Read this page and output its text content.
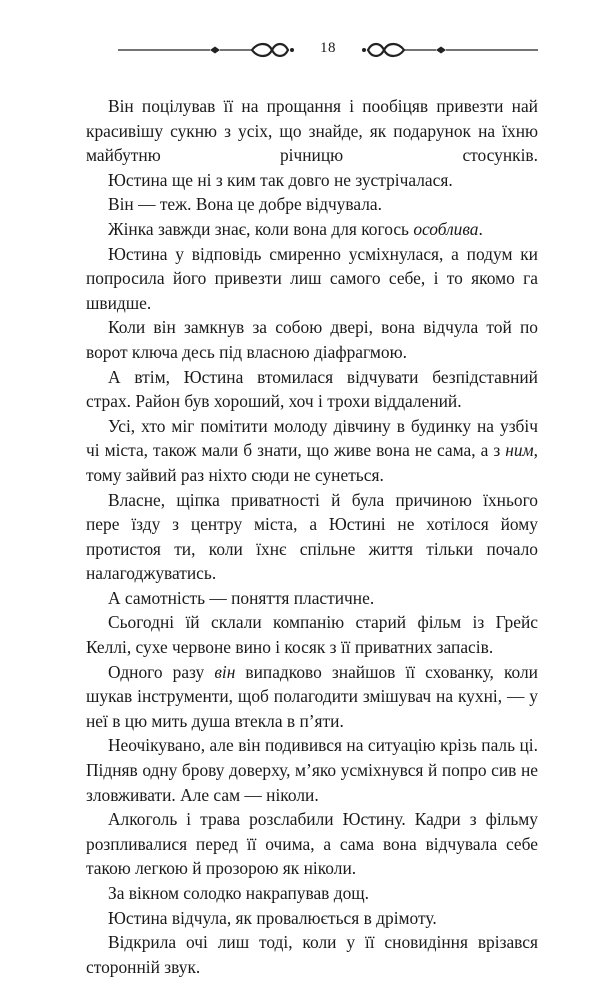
18

Він поцілував її на прощання і пообіцяв привезти най красивішу сукню з усіх, що знайде, як подарунок на їхню майбутню річницю стосунків.

Юстина ще ні з ким так довго не зустрічалася.

Він — теж. Вона це добре відчувала.

Жінка завжди знає, коли вона для когось особлива.

Юстина у відповідь смиренно усміхнулася, а подум ки попросила його привезти лиш самого себе, і то якомо га швидше.

Коли він замкнув за собою двері, вона відчула той по ворот ключа десь під власною діафрагмою.

А втім, Юстина втомилася відчувати безпідставний страх. Район був хороший, хоч і трохи віддалений.

Усі, хто міг помітити молоду дівчину в будинку на узбіч чі міста, також мали б знати, що живе вона не сама, а з ним, тому зайвий раз ніхто сюди не сунеться.

Власне, щіпка приватності й була причиною їхнього пере їзду з центру міста, а Юстині не хотілося йому протистоя ти, коли їхнє спільне життя тільки почало налагоджуватись.

А самотність — поняття пластичне.

Сьогодні їй склали компанію старий фільм із Грейс Келлі, сухе червоне вино і косяк з її приватних запасів.

Одного разу він випадково знайшов її схованку, коли шукав інструменти, щоб полагодити змішувач на кухні, — у неї в цю мить душа втекла в п’яти.

Неочікувано, але він подивився на ситуацію крізь паль ці. Підняв одну брову доверху, м’яко усміхнувся й попро сив не зловживати. Але сам — ніколи.

Алкоголь і трава розслабили Юстину. Кадри з фільму розпливалися перед її очима, а сама вона відчувала себе такою легкою й прозорою як ніколи.

За вікном солодко накрапував дощ.

Юстина відчула, як провалюється в дрімоту.

Відкрила очі лиш тоді, коли у її сновидіння врізався сторонній звук.
